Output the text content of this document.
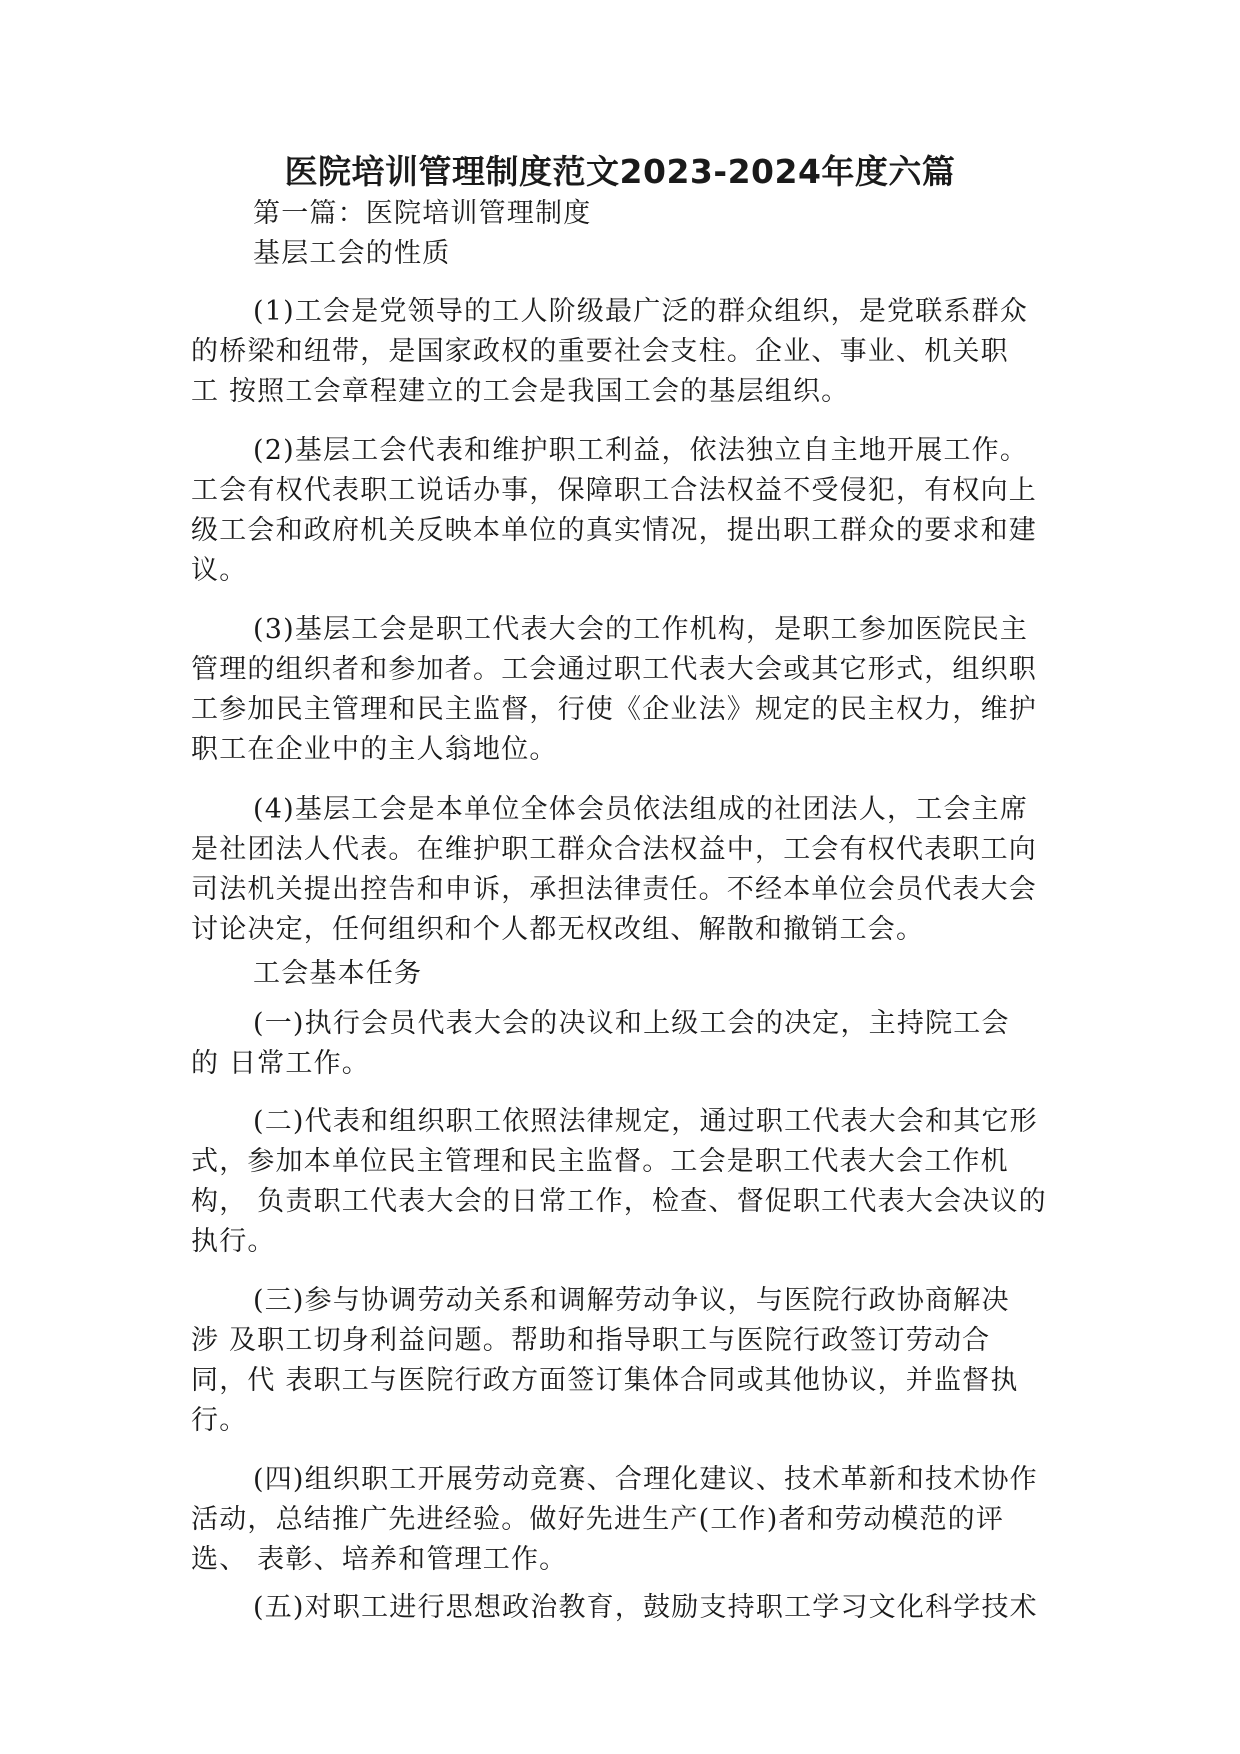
医院培训管理制度范文2023-2024年度六篇

第一篇：医院培训管理制度

基层工会的性质

(1)工会是党领导的工人阶级最广泛的群众组织，是党联系群众

的桥梁和纽带，是国家政权的重要社会支柱。企业、事业、机关职

工 按照工会章程建立的工会是我国工会的基层组织。

(2)基层工会代表和维护职工利益，依法独立自主地开展工作。

工会有权代表职工说话办事，保障职工合法权益不受侵犯，有权向上

级工会和政府机关反映本单位的真实情况，提出职工群众的要求和建

议。

(3)基层工会是职工代表大会的工作机构，是职工参加医院民主

管理的组织者和参加者。工会通过职工代表大会或其它形式，组织职

工参加民主管理和民主监督，行使《企业法》规定的民主权力，维护

职工在企业中的主人翁地位。

(4)基层工会是本单位全体会员依法组成的社团法人，工会主席

是社团法人代表。在维护职工群众合法权益中，工会有权代表职工向

司法机关提出控告和申诉，承担法律责任。不经本单位会员代表大会

讨论决定，任何组织和个人都无权改组、解散和撤销工会。

工会基本任务

(一)执行会员代表大会的决议和上级工会的决定，主持院工会

的 日常工作。

(二)代表和组织职工依照法律规定，通过职工代表大会和其它形

式，参加本单位民主管理和民主监督。工会是职工代表大会工作机

构， 负责职工代表大会的日常工作，检查、督促职工代表大会决议的

执行。

(三)参与协调劳动关系和调解劳动争议，与医院行政协商解决

涉 及职工切身利益问题。帮助和指导职工与医院行政签订劳动合

同，代 表职工与医院行政方面签订集体合同或其他协议，并监督执

行。

(四)组织职工开展劳动竞赛、合理化建议、技术革新和技术协作

活动，总结推广先进经验。做好先进生产(工作)者和劳动模范的评

选、 表彰、培养和管理工作。

(五)对职工进行思想政治教育，鼓励支持职工学习文化科学技术
